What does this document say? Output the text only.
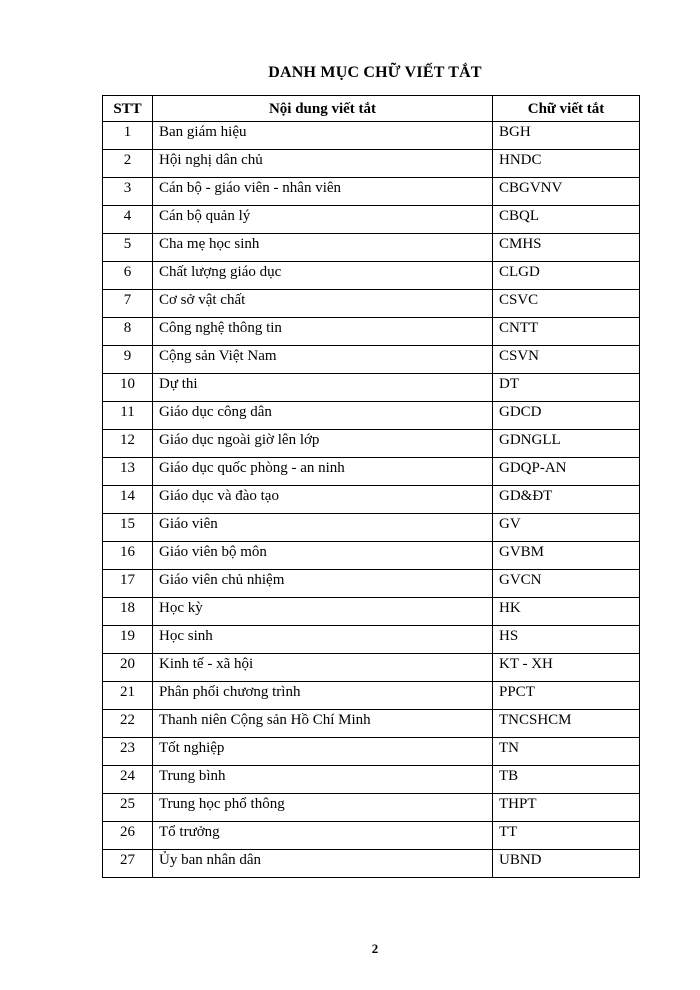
DANH MỤC CHỮ VIẾT TẮT
STT	Nội dung viết tắt	Chữ viết tắt
1	Ban giám hiệu	BGH
2	Hội nghị dân chủ	HNDC
3	Cán bộ - giáo viên - nhân viên	CBGVNV
4	Cán bộ quản lý	CBQL
5	Cha mẹ học sinh	CMHS
6	Chất lượng giáo dục	CLGD
7	Cơ sở vật chất	CSVC
8	Công nghệ thông tin	CNTT
9	Cộng sản Việt Nam	CSVN
10	Dự thi	DT
11	Giáo dục công dân	GDCD
12	Giáo dục ngoài giờ lên lớp	GDNGLL
13	Giáo dục quốc phòng - an ninh	GDQP-AN
14	Giáo dục và đào tạo	GD&ĐT
15	Giáo viên	GV
16	Giáo viên bộ môn	GVBM
17	Giáo viên chủ nhiệm	GVCN
18	Học kỳ	HK
19	Học sinh	HS
20	Kinh tế - xã hội	KT - XH
21	Phân phối chương trình	PPCT
22	Thanh niên Cộng sản Hồ Chí Minh	TNCSHCM
23	Tốt nghiệp	TN
24	Trung bình	TB
25	Trung học phổ thông	THPT
26	Tổ trưởng	TT
27	Ủy ban nhân dân	UBND
2
